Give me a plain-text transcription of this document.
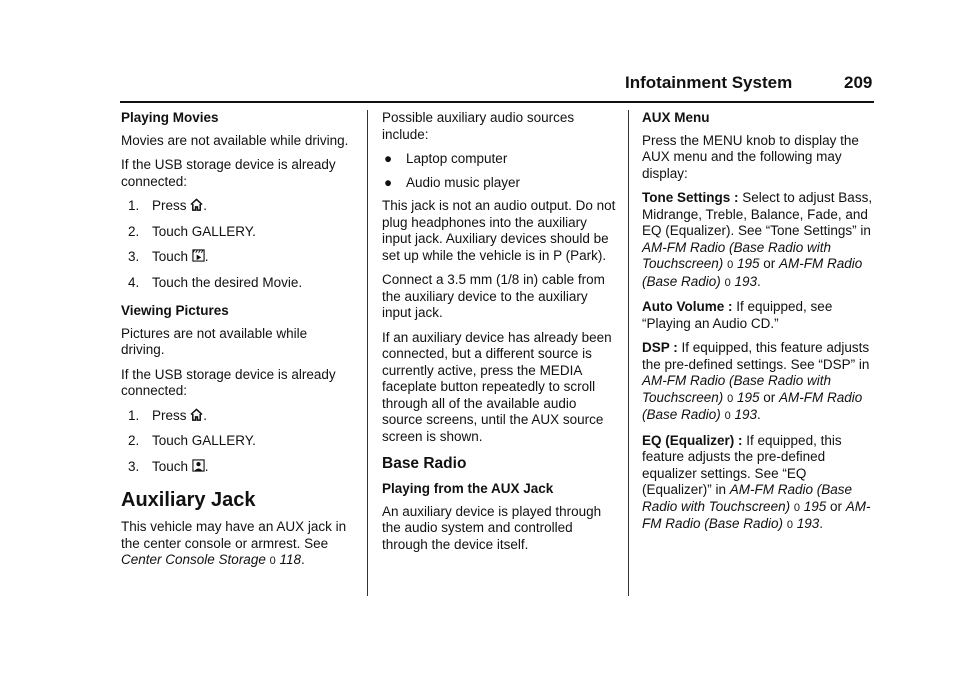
Infotainment System	209

Playing Movies

Movies are not available while driving.

If the USB storage device is already connected:

1. Press .
2. Touch GALLERY.
3. Touch .
4. Touch the desired Movie.

Viewing Pictures

Pictures are not available while driving.

If the USB storage device is already connected:

1. Press .
2. Touch GALLERY.
3. Touch .
Auxiliary Jack

This vehicle may have an AUX jack in the center console or armrest. See Center Console Storage 0 118.

Possible auxiliary audio sources include:

● Laptop computer
● Audio music player

This jack is not an audio output. Do not plug headphones into the auxiliary input jack. Auxiliary devices should be set up while the vehicle is in P (Park).

Connect a 3.5 mm (1/8 in) cable from the auxiliary device to the auxiliary input jack.

If an auxiliary device has already been connected, but a different source is currently active, press the MEDIA faceplate button repeatedly to scroll through all of the available audio source screens, until the AUX source screen is shown.

Base Radio

Playing from the AUX Jack

An auxiliary device is played through the audio system and controlled through the device itself.

AUX Menu

Press the MENU knob to display the AUX menu and the following may display:

Tone Settings : Select to adjust Bass, Midrange, Treble, Balance, Fade, and EQ (Equalizer). See “Tone Settings” in AM-FM Radio (Base Radio with Touchscreen) 0 195 or AM-FM Radio (Base Radio) 0 193.

Auto Volume : If equipped, see “Playing an Audio CD.”

DSP : If equipped, this feature adjusts the pre-defined settings. See “DSP” in AM-FM Radio (Base Radio with Touchscreen) 0 195 or AM-FM Radio (Base Radio) 0 193.

EQ (Equalizer) : If equipped, this feature adjusts the pre-defined equalizer settings. See “EQ (Equalizer)” in AM-FM Radio (Base Radio with Touchscreen) 0 195 or AM-FM Radio (Base Radio) 0 193.
